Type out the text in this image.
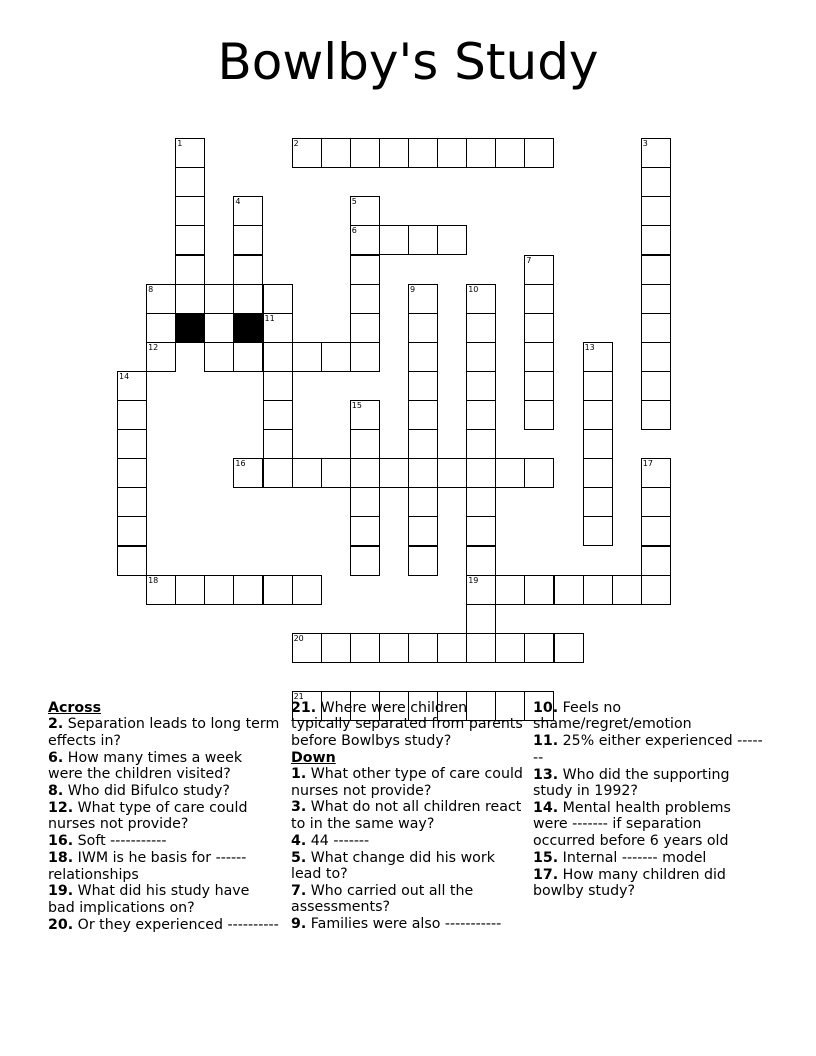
Bowlby's Study
1	2	3
4	5
6
7
8	9	10
11
12	13
14
15
16	17
18	19
20
21
Across
2. Separation leads to long term effects in?
6. How many times a week were the children visited?
8. Who did Bifulco study?
12. What type of care could nurses not provide?
16. Soft -----------
18. IWM is he basis for ------ relationships
19. What did his study have bad implications on?
20. Or they experienced ----------
21. Where were children typically separated from parents before Bowlbys study?
Down
1. What other type of care could nurses not provide?
3. What do not all children react to in the same way?
4. 44 -------
5. What change did his work lead to?
7. Who carried out all the assessments?
9. Families were also -----------
10. Feels no shame/regret/emotion
11. 25% either experienced -------
13. Who did the supporting study in 1992?
14. Mental health problems were ------- if separation occurred before 6 years old
15. Internal ------- model
17. How many children did bowlby study?
